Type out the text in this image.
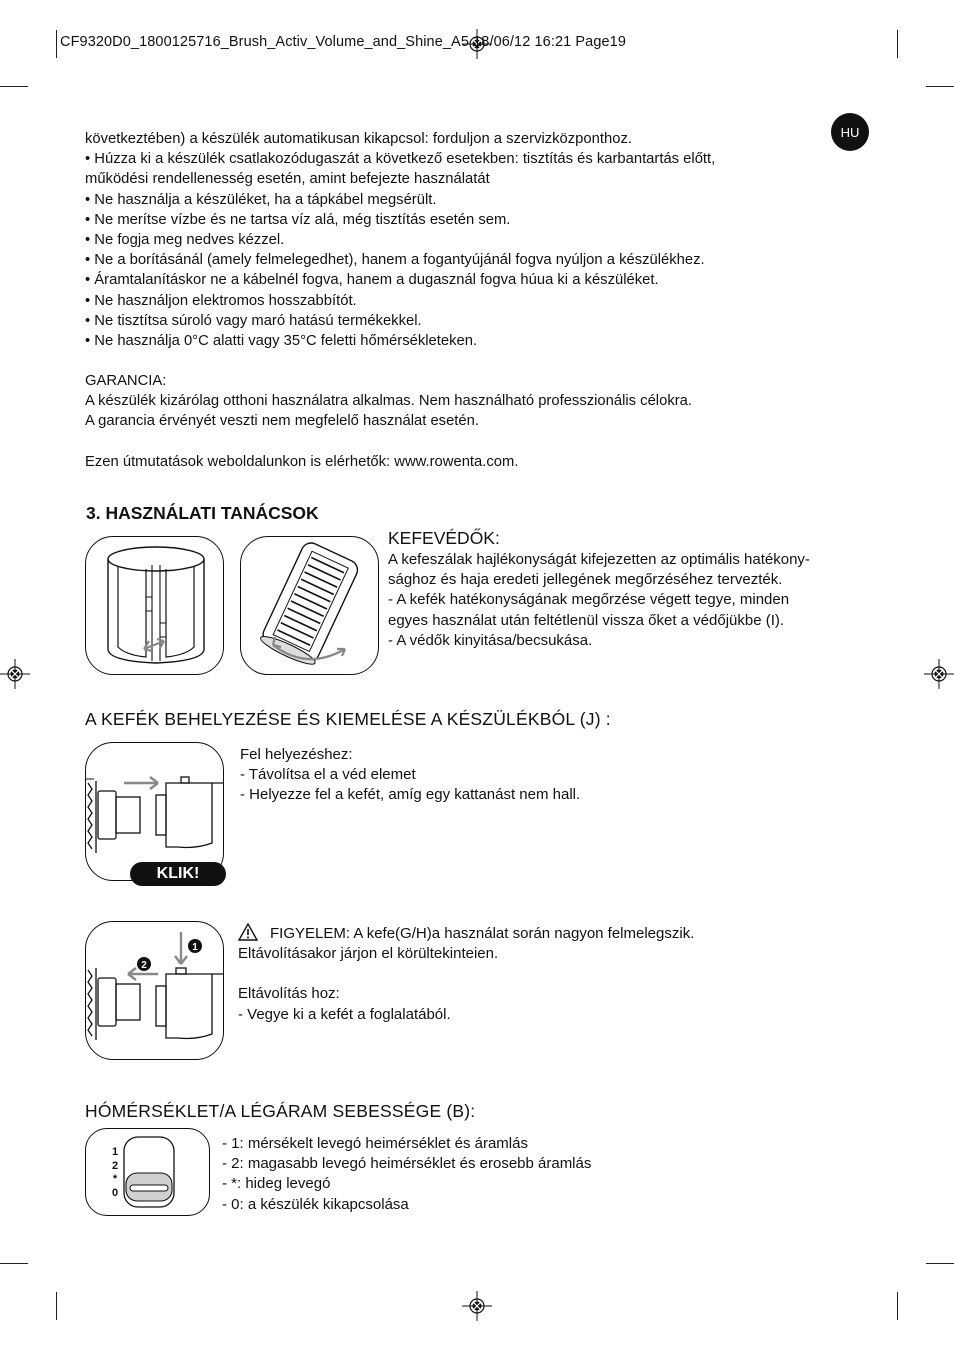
CF9320D0_1800125716_Brush_Activ_Volume_and_Shine_A5 18/06/12 16:21 Page19
HU
következtében) a készülék automatikusan kikapcsol: forduljon a szervizközponthoz.
• Húzza ki a készülék csatlakozódugaszát a következő esetekben: tisztítás és karbantartás előtt,
működési rendellenesség esetén, amint befejezte használatát
• Ne használja a készüléket, ha a tápkábel megsérült.
• Ne merítse vízbe és ne tartsa víz alá, még tisztítás esetén sem.
• Ne fogja meg nedves kézzel.
• Ne a borításánál (amely felmelegedhet), hanem a fogantyújánál fogva nyúljon a készülékhez.
• Áramtalanításkor ne a kábelnél fogva, hanem a dugasznál fogva húua ki a készüléket.
• Ne használjon elektromos hosszabbítót.
• Ne tisztítsa súroló vagy maró hatású termékekkel.
• Ne használja 0°C alatti vagy 35°C feletti hőmérsékleteken.
GARANCIA:
A készülék kizárólag otthoni használatra alkalmas. Nem használható professzionális célokra.
A garancia érvényét veszti nem megfelelő használat esetén.
Ezen útmutatások weboldalunkon is elérhetők: www.rowenta.com.
3. HASZNÁLATI TANÁCSOK
KEFEVÉDŐK:
A kefeszálak hajlékonyságát kifejezetten az optimális hatékony-
sághoz és haja eredeti jellegének megőrzéséhez tervezték.
- A kefék hatékonyságának megőrzése végett tegye, minden
egyes használat után feltétlenül vissza őket a védőjükbe (I).
- A védők kinyitása/becsukása.
A KEFÉK BEHELYEZÉSE ÉS KIEMELÉSE A KÉSZÜLÉKBÓL (J) :
KLIK!
Fel helyezéshez:
- Távolítsa el a véd elemet
- Helyezze fel a kefét, amíg egy kattanást nem hall.
1
2
FIGYELEM: A kefe(G/H)a használat során nagyon felmelegszik.
Eltávolításakor járjon el körültekinteien.
Eltávolítás hoz:
- Vegye ki a kefét a foglalatából.
HÓMÉRSÉKLET/A LÉGÁRAM SEBESSÉGE (B):
1
2
*
0
- 1: mérsékelt levegó heimérséklet és áramlás
- 2: magasabb levegó heimérséklet és erosebb áramlás
- *: hideg levegó
- 0: a készülék kikapcsolása
